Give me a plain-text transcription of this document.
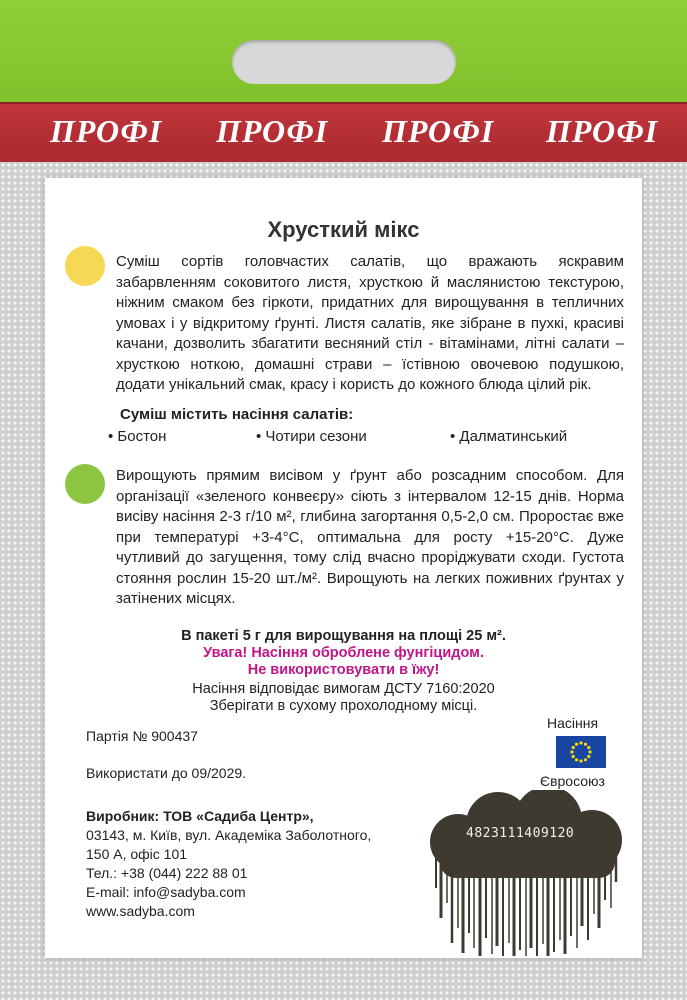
ПРОФІ ПРОФІ ПРОФІ ПРОФІ
Хрусткий мікс

Суміш сортів головчастих салатів, що вражають яскравим забарвленням соковитого листя, хрусткою й маслянистою текстурою, ніжним смаком без гіркоти, придатних для вирощування в тепличних умовах і у відкритому ґрунті. Листя салатів, яке зібране в пухкі, красиві качани, дозволить збагатити весняний стіл - вітамінами, літні салати – хрусткою ноткою, домашні страви – їстівною овочевою подушкою, додати унікальний смак, красу і користь до кожного блюда цілий рік.

Суміш містить насіння салатів:
• Бостон	• Чотири сезони	• Далматинський

Вирощують прямим висівом у ґрунт або розсадним способом. Для організації «зеленого конвеєру» сіють з інтервалом 12-15 днів. Норма висіву насіння 2-3 г/10 м², глибина загортання 0,5-2,0 см. Проростає вже при температурі +3-4°С, оптимальна для росту +15-20°С. Дуже чутливий до загущення, тому слід вчасно проріджувати сходи. Густота стояння рослин 15-20 шт./м². Вирощують на легких поживних ґрунтах у затінених місцях.

В пакеті 5 г для вирощування на площі 25 м².
Увага! Насіння оброблене фунгіцидом.
Не використовувати в їжу!
Насіння відповідає вимогам ДСТУ 7160:2020
Зберігати в сухому прохолодному місці.
Партія № 900437
Використати до 09/2029.
Насіння
Євросоюз
Виробник: ТОВ «Садиба Центр»,
03143, м. Київ, вул. Академіка Заболотного,
150 А, офіс 101
Тел.: +38 (044) 222 88 01
E-mail: info@sadyba.com
www.sadyba.com
4823111409120
